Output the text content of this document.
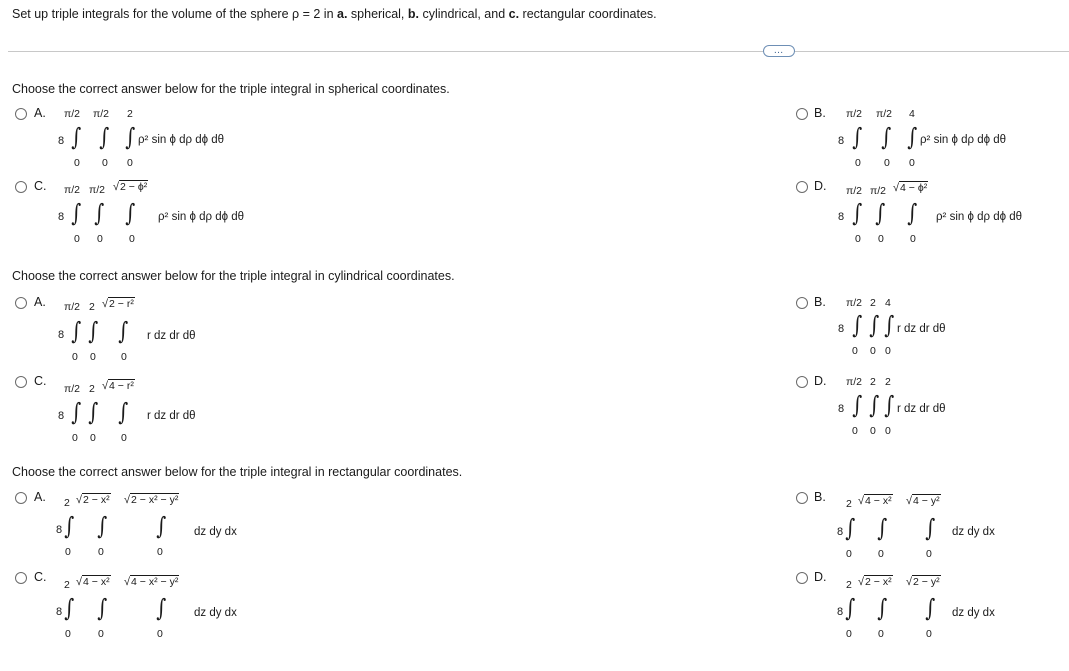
Set up triple integrals for the volume of the sphere ρ = 2 in a. spherical, b. cylindrical, and c. rectangular coordinates.
…
Choose the correct answer below for the triple integral in spherical coordinates.
A. π/2 π/2 2
8 ∫ ∫ ∫ ρ² sin ϕ dρ dϕ dθ
0 0 0
B. π/2 π/2 4
8 ∫ ∫ ∫ ρ² sin ϕ dρ dϕ dθ
0 0 0
C. π/2 π/2 √2 − ϕ²
8 ∫ ∫ ∫ ρ² sin ϕ dρ dϕ dθ
0 0 0
D. π/2 π/2 √4 − ϕ²
8 ∫ ∫ ∫ ρ² sin ϕ dρ dϕ dθ
0 0 0
Choose the correct answer below for the triple integral in cylindrical coordinates.
A. π/2 2 √2 − r²
8 ∫ ∫ ∫ r dz dr dθ
0 0 0
B. π/2 2 4
8 ∫ ∫ ∫ r dz dr dθ
0 0 0
C.
π/2 2 √4 − r²
8 ∫ ∫ ∫ r dz dr dθ
0 0 0
D. π/2 2 2
8 ∫ ∫ ∫ r dz dr dθ
0 0 0
Choose the correct answer below for the triple integral in rectangular coordinates.
A. 2 √2 − x² √2 − x² − y²
8 ∫ ∫ ∫ dz dy dx
0	0	0
B. 2 √4 − x² √4 − y²
8 ∫ ∫ ∫ dz dy dx
0 0	0
C.
2 √4 − x² √4 − x² − y²
8 ∫ ∫ ∫ dz dy dx
0	0	0
D.
2 √2 − x² √2 − y²
8 ∫ ∫ ∫ dz dy dx
0 0	0
